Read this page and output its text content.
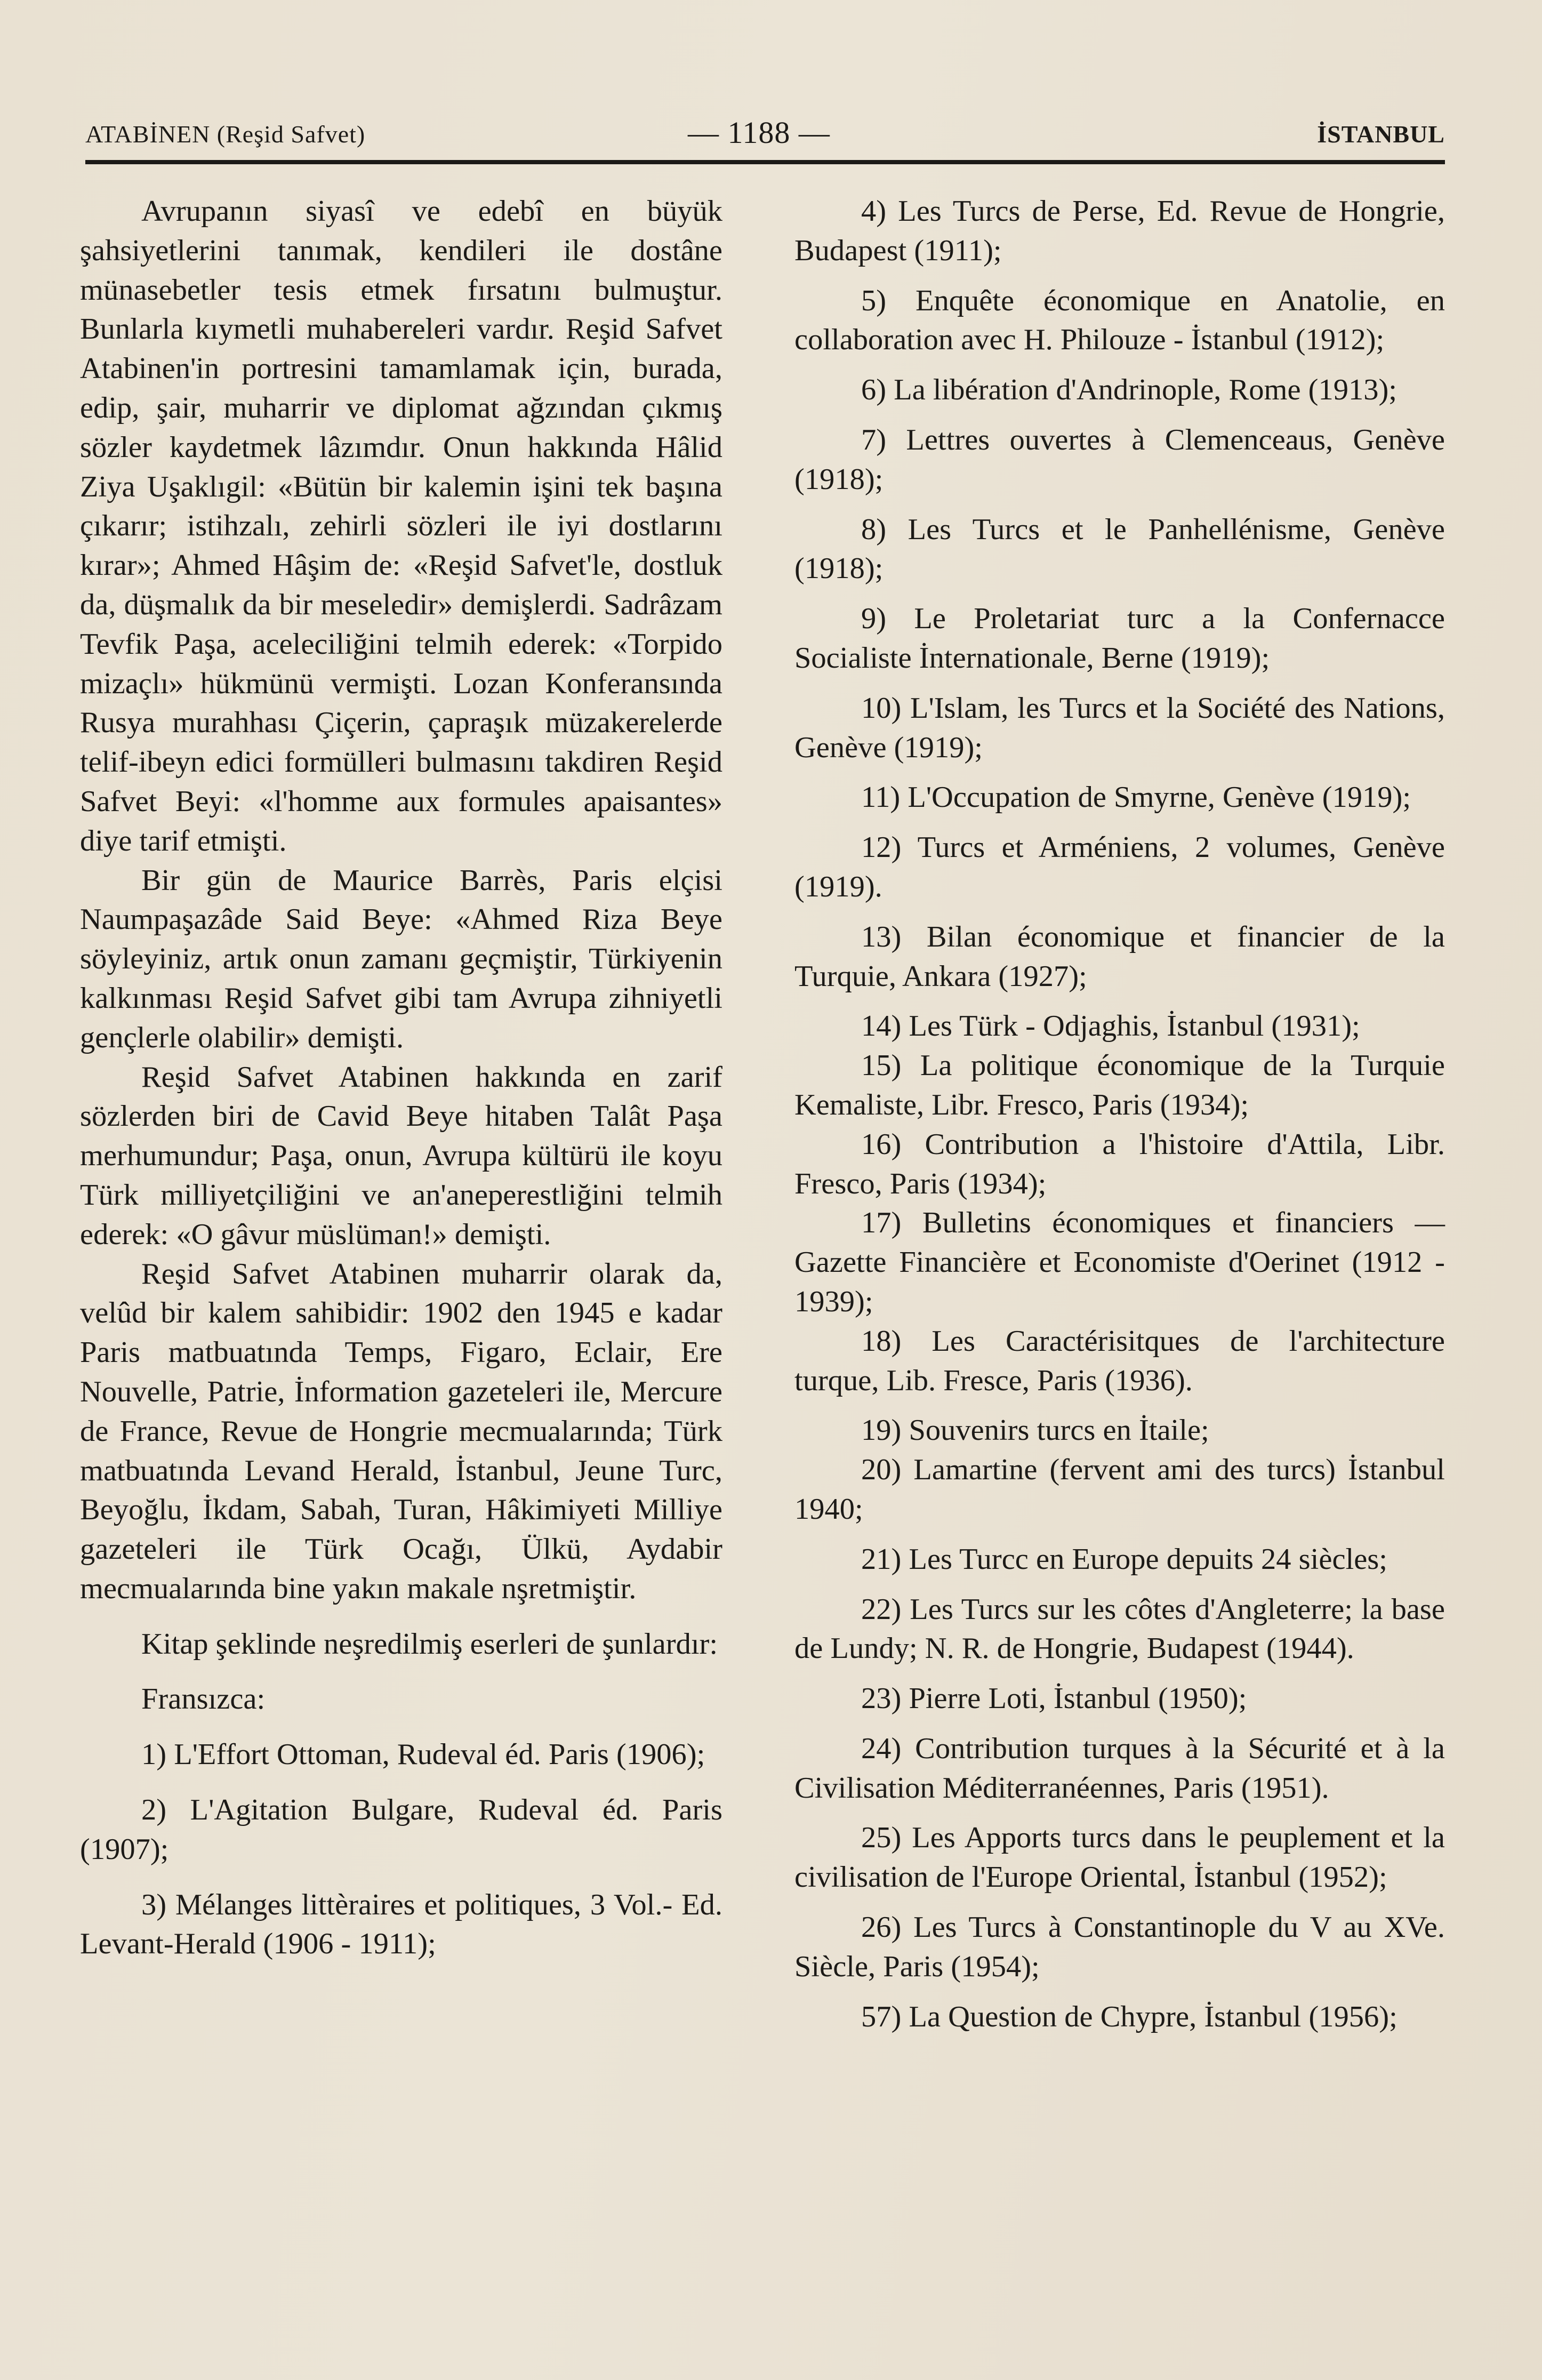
ATABİNEN (Reşid Safvet)	— 1188 —	İSTANBUL

Avrupanın siyasî ve edebî en büyük şahsiyetlerini tanımak, kendileri ile dostâne münasebetler tesis etmek fırsatını bulmuştur. Bunlarla kıymetli muhabereleri vardır. Reşid Safvet Atabinen'in portresini tamamlamak için, burada, edip, şair, muharrir ve diplomat ağzından çıkmış sözler kaydetmek lâzımdır. Onun hakkında Hâlid Ziya Uşaklıgil: «Bütün bir kalemin işini tek başına çıkarır; istihzalı, zehirli sözleri ile iyi dostlarını kırar»; Ahmed Hâşim de: «Reşid Safvet'le, dostluk da, düşmalık da bir meseledir» demişlerdi. Sadrâzam Tevfik Paşa, aceleciliğini telmih ederek: «Torpido mizaçlı» hükmünü vermişti. Lozan Konferansında Rusya murahhası Çiçerin, çapraşık müzakerelerde telif-ibeyn edici formülleri bulmasını takdiren Reşid Safvet Beyi: «l'homme aux formules apaisantes» diye tarif etmişti.

Bir gün de Maurice Barrès, Paris elçisi Naumpaşazâde Said Beye: «Ahmed Riza Beye söyleyiniz, artık onun zamanı geçmiştir, Türkiyenin kalkınması Reşid Safvet gibi tam Avrupa zihniyetli gençlerle olabilir» demişti.

Reşid Safvet Atabinen hakkında en zarif sözlerden biri de Cavid Beye hitaben Talât Paşa merhumundur; Paşa, onun, Avrupa kültürü ile koyu Türk milliyetçiliğini ve an'aneperestliğini telmih ederek: «O gâvur müslüman!» demişti.

Reşid Safvet Atabinen muharrir olarak da, velûd bir kalem sahibidir: 1902 den 1945 e kadar Paris matbuatında Temps, Figaro, Eclair, Ere Nouvelle, Patrie, İnformation gazeteleri ile, Mercure de France, Revue de Hongrie mecmualarında; Türk matbuatında Levand Herald, İstanbul, Jeune Turc, Beyoğlu, İkdam, Sabah, Turan, Hâkimiyeti Milliye gazeteleri ile Türk Ocağı, Ülkü, Aydabir mecmualarında bine yakın makale nşretmiştir.

Kitap şeklinde neşredilmiş eserleri de şunlardır:

Fransızca:

1) L'Effort Ottoman, Rudeval éd. Paris (1906);

2) L'Agitation Bulgare, Rudeval éd. Paris (1907);

3) Mélanges littèraires et politiques, 3 Vol.- Ed. Levant-Herald (1906 - 1911);

4) Les Turcs de Perse, Ed. Revue de Hongrie, Budapest (1911);

5) Enquête économique en Anatolie, en collaboration avec H. Philouze - İstanbul (1912);

6) La libération d'Andrinople, Rome (1913);

7) Lettres ouvertes à Clemenceaus, Genève (1918);

8) Les Turcs et le Panhellénisme, Genève (1918);

9) Le Proletariat turc a la Confernacce Socialiste İnternationale, Berne (1919);

10) L'Islam, les Turcs et la Société des Nations, Genève (1919);

11) L'Occupation de Smyrne, Genève (1919);

12) Turcs et Arméniens, 2 volumes, Genève (1919).

13) Bilan économique et financier de la Turquie, Ankara (1927);

14) Les Türk - Odjaghis, İstanbul (1931);

15) La politique économique de la Turquie Kemaliste, Libr. Fresco, Paris (1934);

16) Contribution a l'histoire d'Attila, Libr. Fresco, Paris (1934);

17) Bulletins économiques et financiers — Gazette Financière et Economiste d'Oerinet (1912 - 1939);

18) Les Caractérisitques de l'architecture turque, Lib. Fresce, Paris (1936).

19) Souvenirs turcs en İtaile;

20) Lamartine (fervent ami des turcs) İstanbul 1940;

21) Les Turcc en Europe depuits 24 siècles;

22) Les Turcs sur les côtes d'Angleterre; la base de Lundy; N. R. de Hongrie, Budapest (1944).

23) Pierre Loti, İstanbul (1950);

24) Contribution turques à la Sécurité et à la Civilisation Méditerranéennes, Paris (1951).

25) Les Apports turcs dans le peuplement et la civilisation de l'Europe Oriental, İstanbul (1952);

26) Les Turcs à Constantinople du V au XVe. Siècle, Paris (1954);

57) La Question de Chypre, İstanbul (1956);
